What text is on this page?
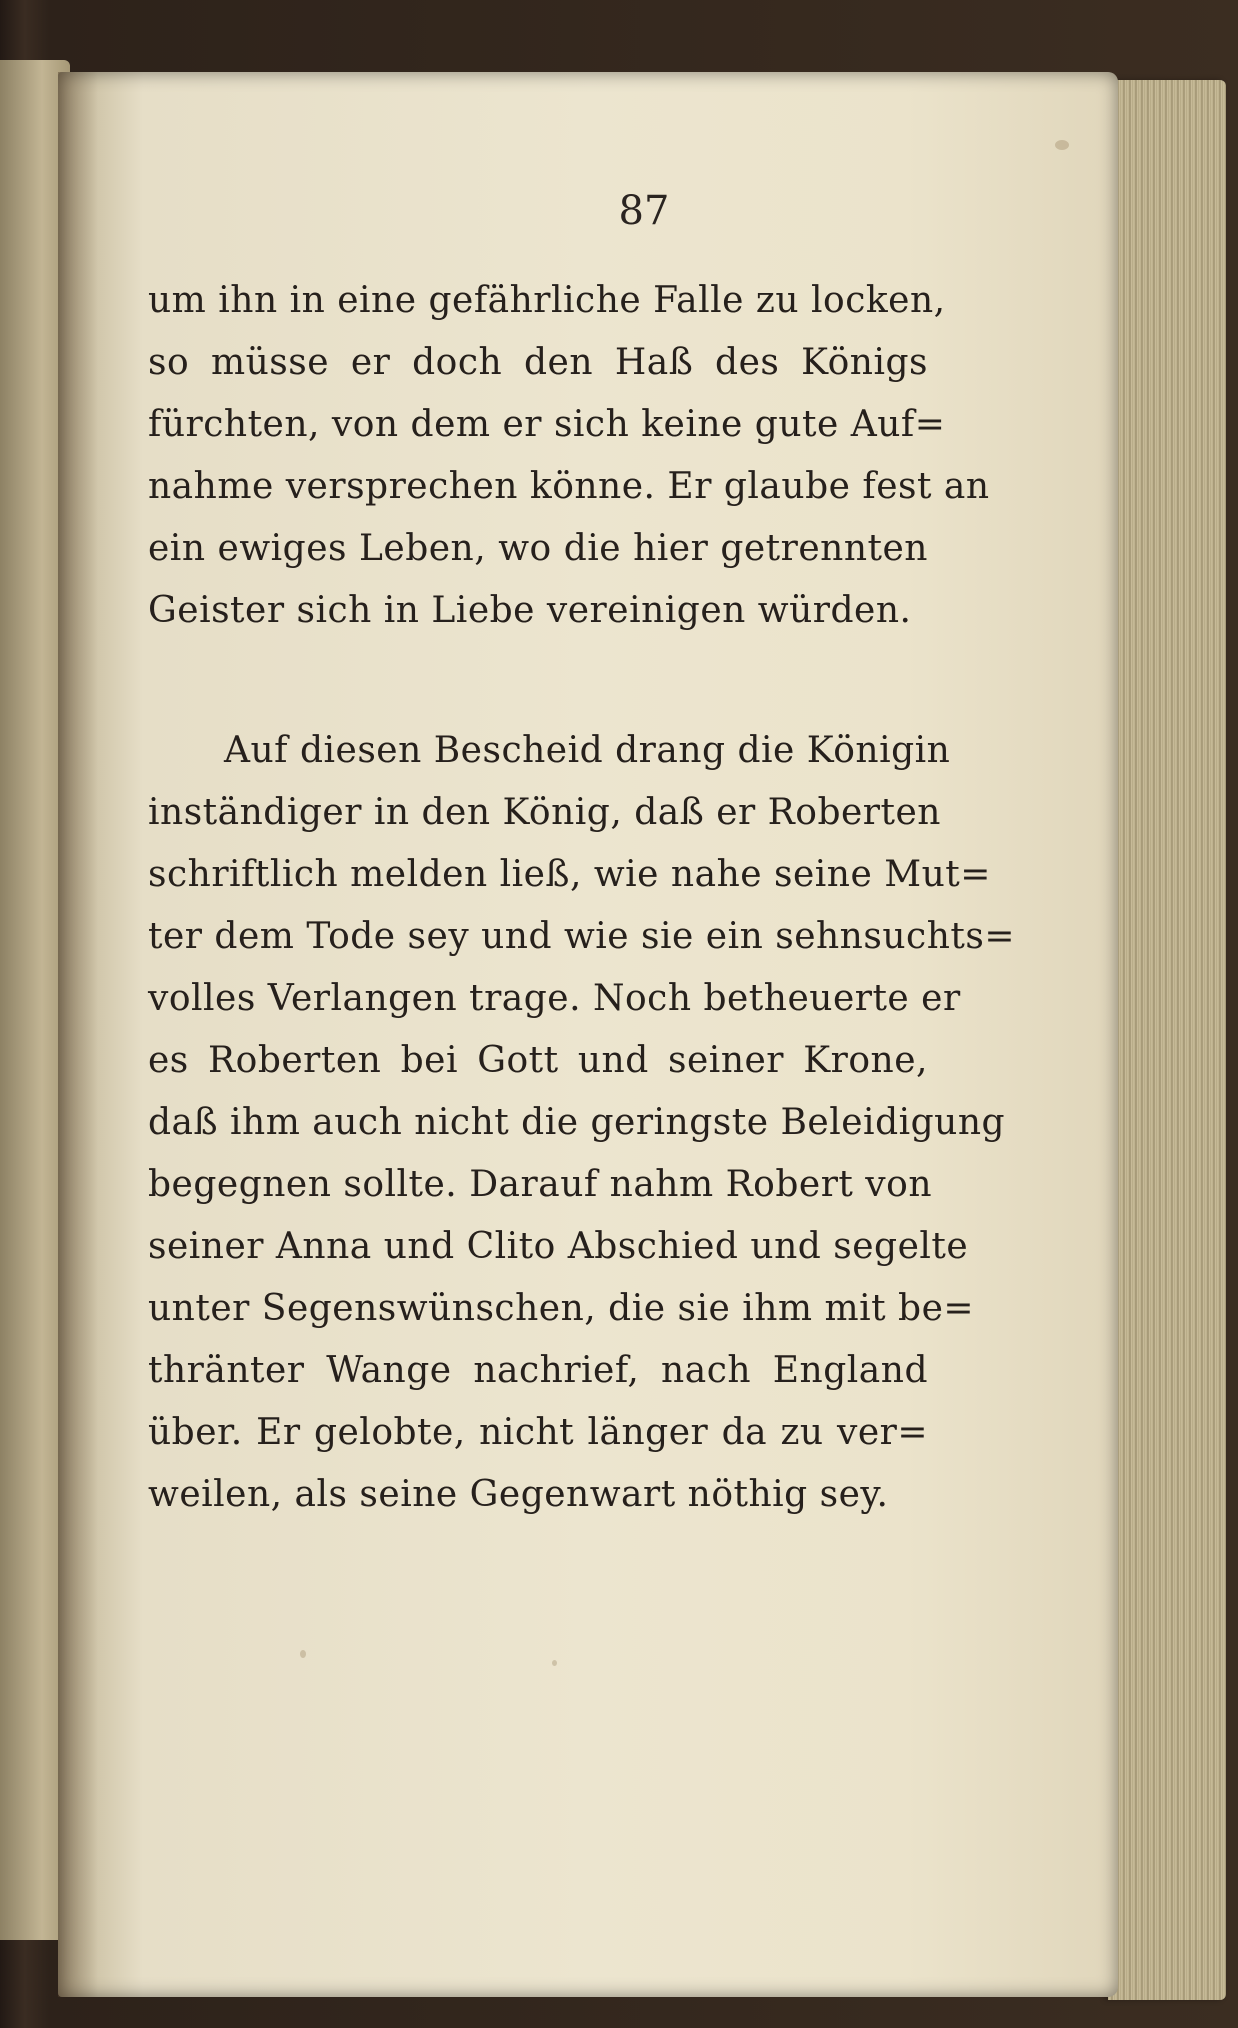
87
um ihn in eine gefährliche Falle zu locken,
so müsse er doch den Haß des Königs
fürchten, von dem er sich keine gute Auf=
nahme versprechen könne. Er glaube fest an
ein ewiges Leben, wo die hier getrennten
Geister sich in Liebe vereinigen würden.
Auf diesen Bescheid drang die Königin
inständiger in den König, daß er Roberten
schriftlich melden ließ, wie nahe seine Mut=
ter dem Tode sey und wie sie ein sehnsuchts=
volles Verlangen trage. Noch betheuerte er
es Roberten bei Gott und seiner Krone,
daß ihm auch nicht die geringste Beleidigung
begegnen sollte. Darauf nahm Robert von
seiner Anna und Clito Abschied und segelte
unter Segenswünschen, die sie ihm mit be=
thränter Wange nachrief, nach England
über. Er gelobte, nicht länger da zu ver=
weilen, als seine Gegenwart nöthig sey.
